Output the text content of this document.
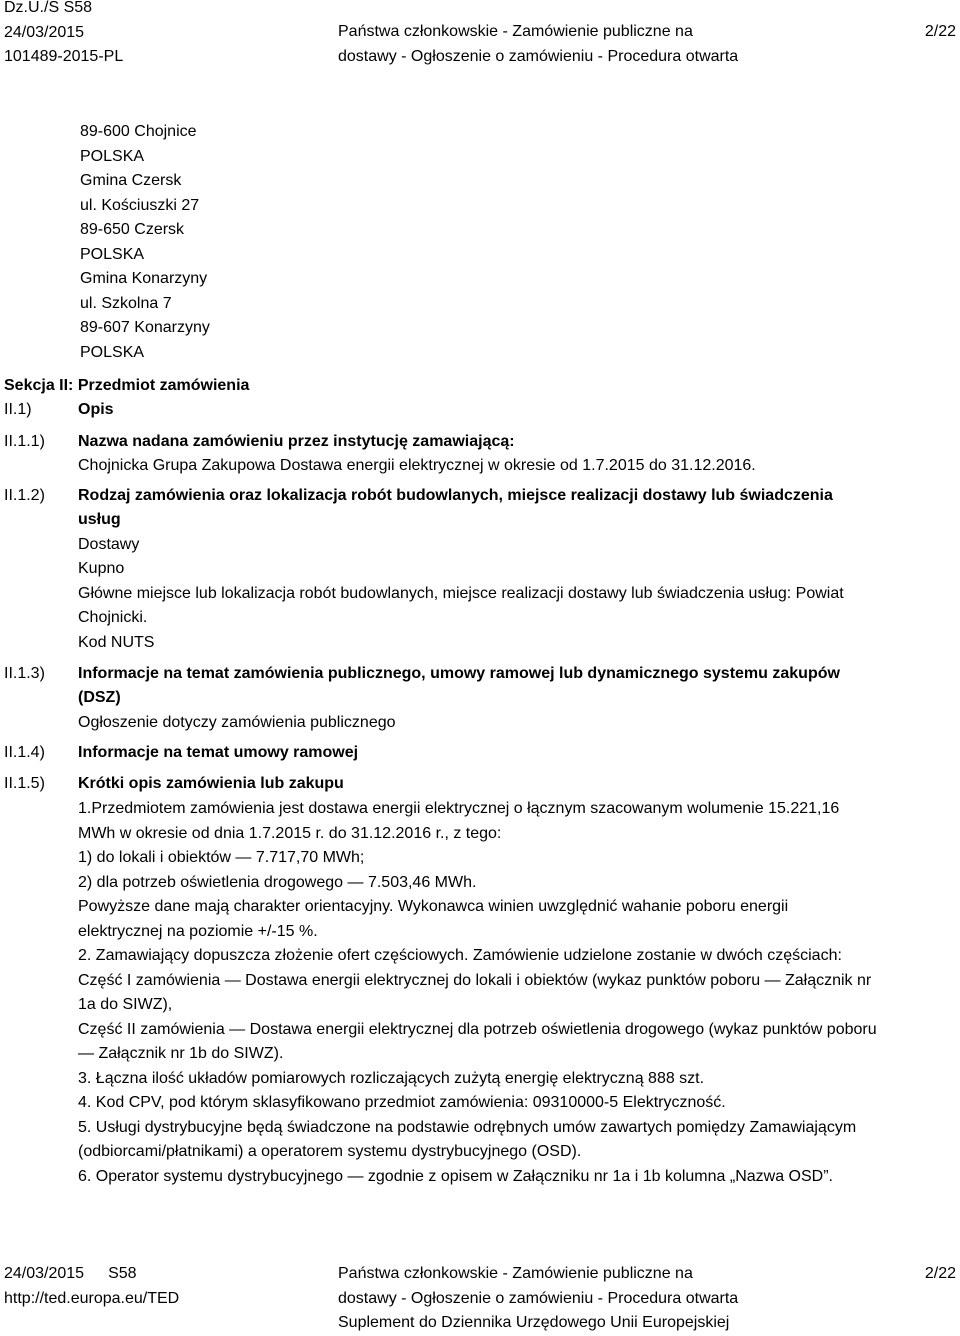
Dz.U./S S58
24/03/2015
101489-2015-PL
Państwa członkowskie - Zamówienie publiczne na
dostawy - Ogłoszenie o zamówieniu - Procedura otwarta
2/22
89-600 Chojnice
POLSKA
Gmina Czersk
ul. Kościuszki 27
89-650 Czersk
POLSKA
Gmina Konarzyny
ul. Szkolna 7
89-607 Konarzyny
POLSKA
Sekcja II: Przedmiot zamówienia
II.1)	Opis
II.1.1) Nazwa nadana zamówieniu przez instytucję zamawiającą:
Chojnicka Grupa Zakupowa Dostawa energii elektrycznej w okresie od 1.7.2015 do 31.12.2016.
II.1.2) Rodzaj zamówienia oraz lokalizacja robót budowlanych, miejsce realizacji dostawy lub świadczenia
usług
Dostawy
Kupno
Główne miejsce lub lokalizacja robót budowlanych, miejsce realizacji dostawy lub świadczenia usług: Powiat
Chojnicki.
Kod NUTS
II.1.3) Informacje na temat zamówienia publicznego, umowy ramowej lub dynamicznego systemu zakupów
(DSZ)
Ogłoszenie dotyczy zamówienia publicznego
II.1.4) Informacje na temat umowy ramowej
II.1.5) Krótki opis zamówienia lub zakupu
1.Przedmiotem zamówienia jest dostawa energii elektrycznej o łącznym szacowanym wolumenie 15.221,16
MWh w okresie od dnia 1.7.2015 r. do 31.12.2016 r., z tego:
1) do lokali i obiektów — 7.717,70 MWh;
2) dla potrzeb oświetlenia drogowego — 7.503,46 MWh.
Powyższe dane mają charakter orientacyjny. Wykonawca winien uwzględnić wahanie poboru energii
elektrycznej na poziomie +/-15 %.
2. Zamawiający dopuszcza złożenie ofert częściowych. Zamówienie udzielone zostanie w dwóch częściach:
Część I zamówienia — Dostawa energii elektrycznej do lokali i obiektów (wykaz punktów poboru — Załącznik nr
1a do SIWZ),
Część II zamówienia — Dostawa energii elektrycznej dla potrzeb oświetlenia drogowego (wykaz punktów poboru
— Załącznik nr 1b do SIWZ).
3. Łączna ilość układów pomiarowych rozliczających zużytą energię elektryczną 888 szt.
4. Kod CPV, pod którym sklasyfikowano przedmiot zamówienia: 09310000-5 Elektryczność.
5. Usługi dystrybucyjne będą świadczone na podstawie odrębnych umów zawartych pomiędzy Zamawiającym
(odbiorcami/płatnikami) a operatorem systemu dystrybucyjnego (OSD).
6. Operator systemu dystrybucyjnego — zgodnie z opisem w Załączniku nr 1a i 1b kolumna „Nazwa OSD”.
24/03/2015 S58
http://ted.europa.eu/TED
Państwa członkowskie - Zamówienie publiczne na
dostawy - Ogłoszenie o zamówieniu - Procedura otwarta
Suplement do Dziennika Urzędowego Unii Europejskiej
2/22
